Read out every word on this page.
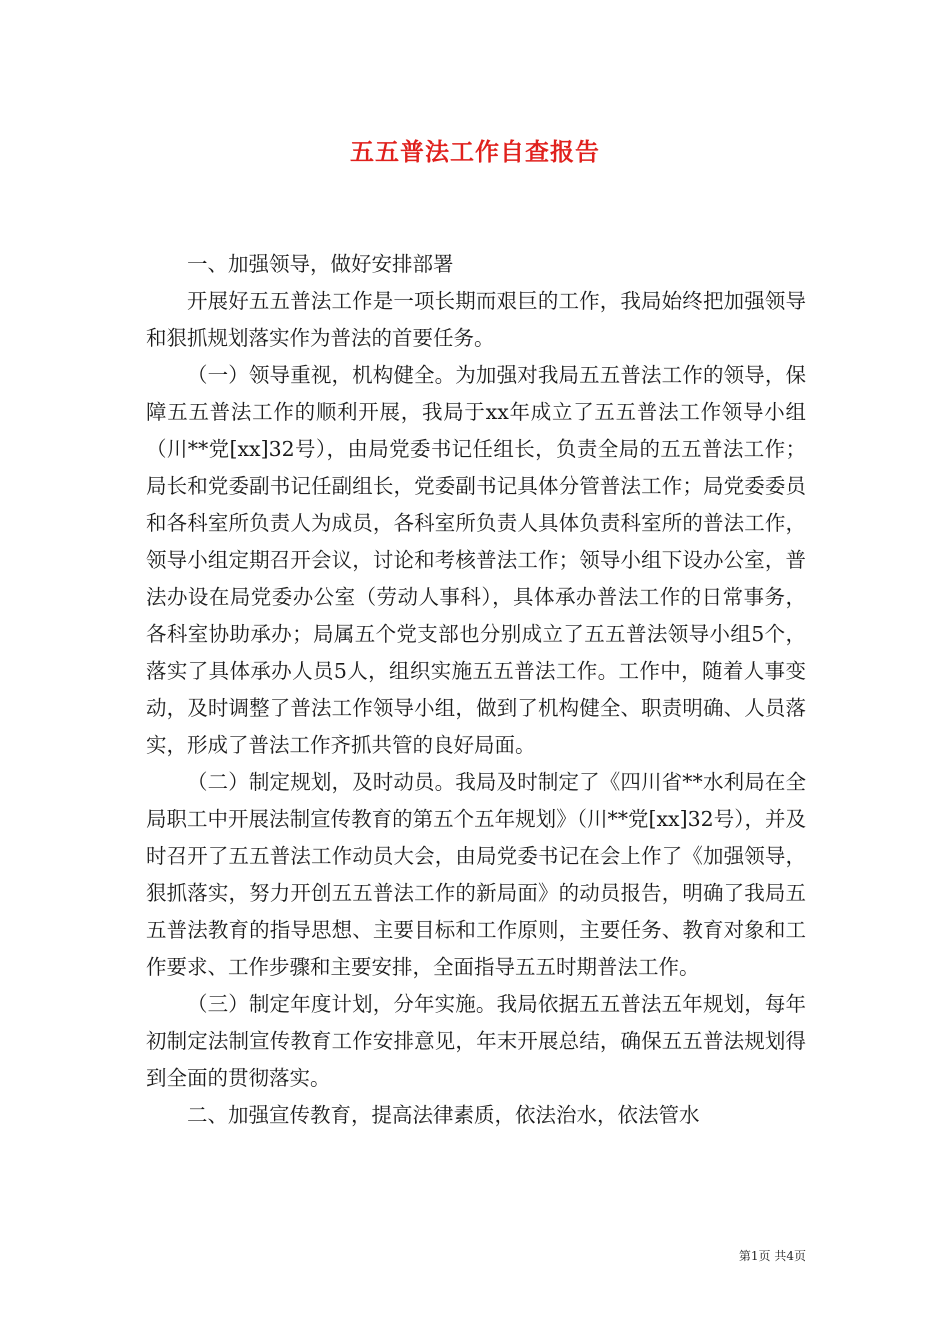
五五普法工作自查报告

一、加强领导，做好安排部署

开展好五五普法工作是一项长期而艰巨的工作，我局始终把加强领导和狠抓规划落实作为普法的首要任务。

（一）领导重视，机构健全。为加强对我局五五普法工作的领导，保障五五普法工作的顺利开展，我局于xx年成立了五五普法工作领导小组（川**党[xx]32号），由局党委书记任组长，负责全局的五五普法工作；局长和党委副书记任副组长，党委副书记具体分管普法工作；局党委委员和各科室所负责人为成员，各科室所负责人具体负责科室所的普法工作，领导小组定期召开会议，讨论和考核普法工作；领导小组下设办公室，普法办设在局党委办公室（劳动人事科），具体承办普法工作的日常事务，各科室协助承办；局属五个党支部也分别成立了五五普法领导小组5个，落实了具体承办人员5人，组织实施五五普法工作。工作中，随着人事变动，及时调整了普法工作领导小组，做到了机构健全、职责明确、人员落实，形成了普法工作齐抓共管的良好局面。

（二）制定规划，及时动员。我局及时制定了《四川省**水利局在全局职工中开展法制宣传教育的第五个五年规划》（川**党[xx]32号），并及时召开了五五普法工作动员大会，由局党委书记在会上作了《加强领导，狠抓落实，努力开创五五普法工作的新局面》的动员报告，明确了我局五五普法教育的指导思想、主要目标和工作原则，主要任务、教育对象和工作要求、工作步骤和主要安排，全面指导五五时期普法工作。

（三）制定年度计划，分年实施。我局依据五五普法五年规划，每年初制定法制宣传教育工作安排意见，年末开展总结，确保五五普法规划得到全面的贯彻落实。

二、加强宣传教育，提高法律素质，依法治水，依法管水

第1页 共4页
